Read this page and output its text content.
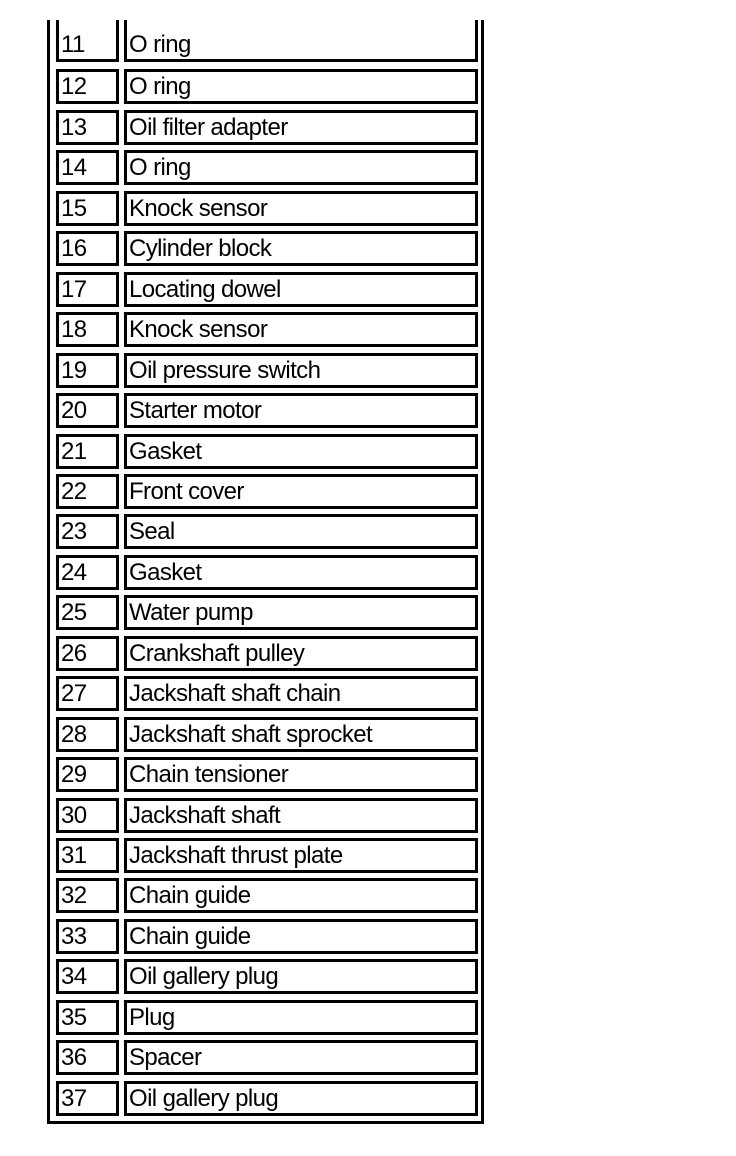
11	O ring
12	O ring
13	Oil filter adapter
14	O ring
15	Knock sensor
16	Cylinder block
17	Locating dowel
18	Knock sensor
19	Oil pressure switch
20	Starter motor
21	Gasket
22	Front cover
23	Seal
24	Gasket
25	Water pump
26	Crankshaft pulley
27	Jackshaft shaft chain
28	Jackshaft shaft sprocket
29	Chain tensioner
30	Jackshaft shaft
31	Jackshaft thrust plate
32	Chain guide
33	Chain guide
34	Oil gallery plug
35	Plug
36	Spacer
37	Oil gallery plug
